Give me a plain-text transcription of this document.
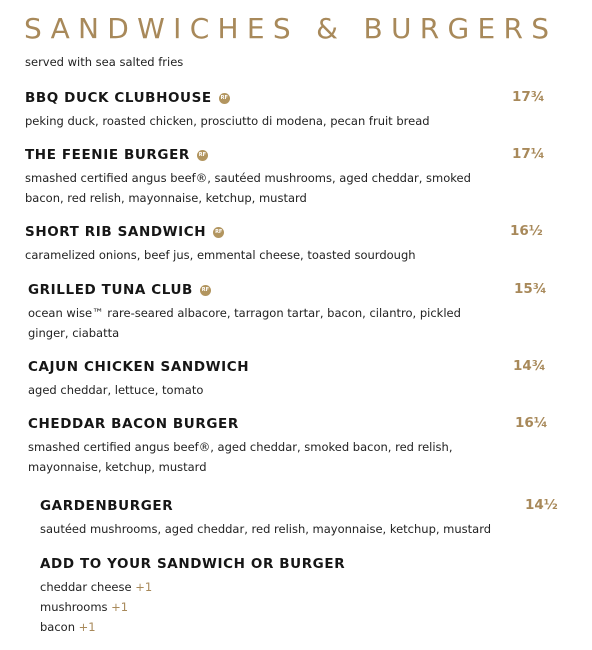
SANDWICHES & BURGERS
served with sea salted fries
BBQ DUCK CLUBHOUSE	RF	17¾
peking duck, roasted chicken, prosciutto di modena, pecan fruit bread
THE FEENIE BURGER	RF	17¼
smashed certified angus beef®, sautéed mushrooms, aged cheddar, smoked
bacon, red relish, mayonnaise, ketchup, mustard
SHORT RIB SANDWICH	RF	16½
caramelized onions, beef jus, emmental cheese, toasted sourdough
GRILLED TUNA CLUB	RF	15¾
ocean wise™ rare-seared albacore, tarragon tartar, bacon, cilantro, pickled
ginger, ciabatta
CAJUN CHICKEN SANDWICH	14¾
aged cheddar, lettuce, tomato
CHEDDAR BACON BURGER	16¼
smashed certified angus beef®, aged cheddar, smoked bacon, red relish,
mayonnaise, ketchup, mustard
GARDENBURGER	14½
sautéed mushrooms, aged cheddar, red relish, mayonnaise, ketchup, mustard
ADD TO YOUR SANDWICH OR BURGER
cheddar cheese +1
mushrooms +1
bacon +1
